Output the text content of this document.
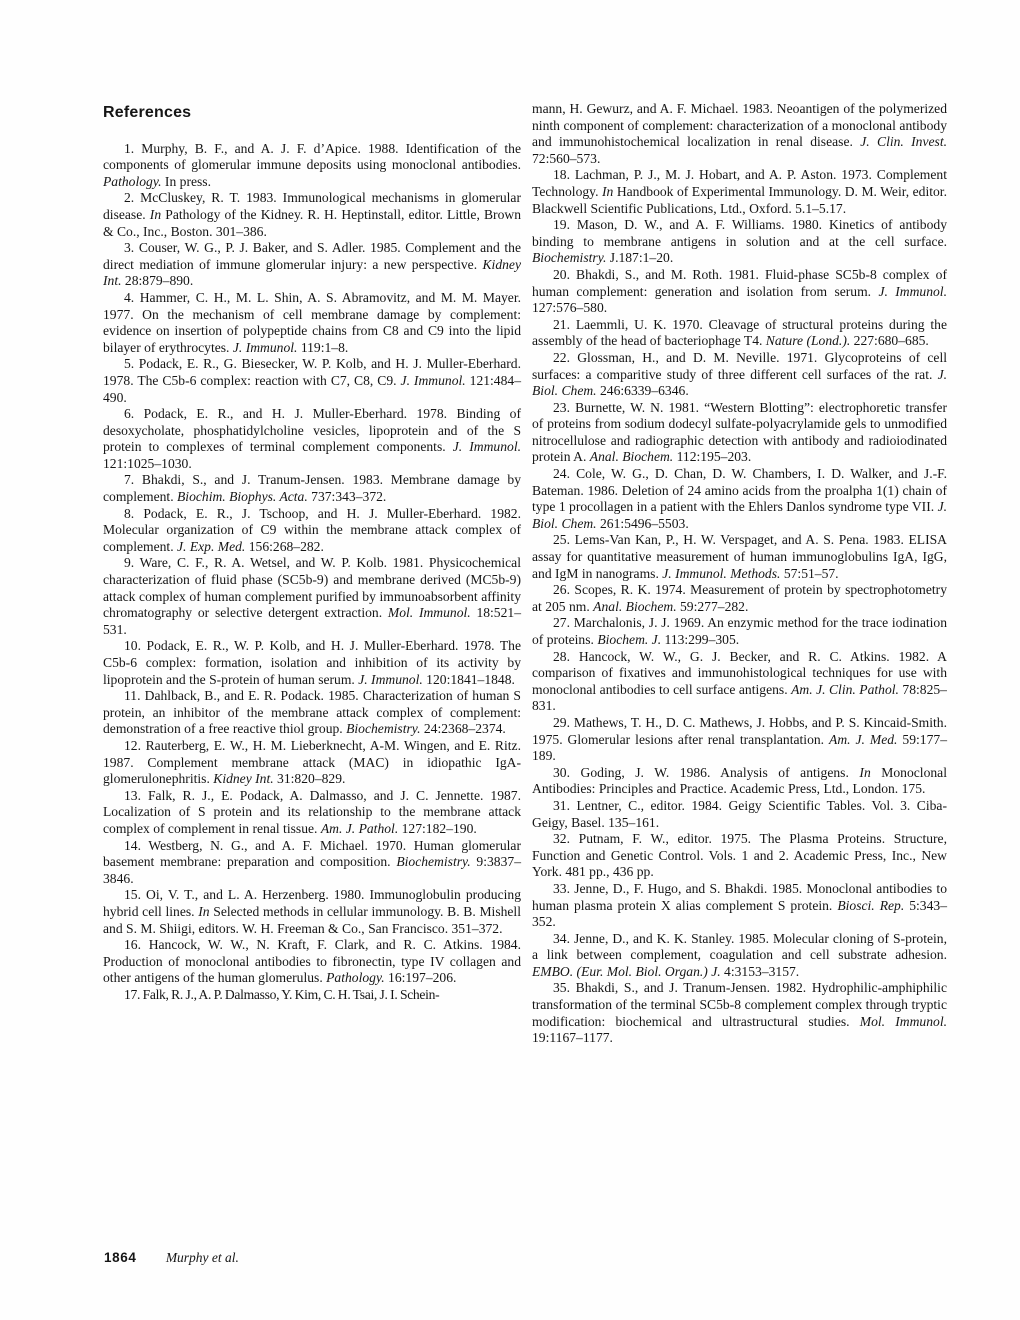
References

1. Murphy, B. F., and A. J. F. d’Apice. 1988. Identification of the components of glomerular immune deposits using monoclonal antibodies. Pathology. In press.

2. McCluskey, R. T. 1983. Immunological mechanisms in glomerular disease. In Pathology of the Kidney. R. H. Heptinstall, editor. Little, Brown & Co., Inc., Boston. 301–386.

3. Couser, W. G., P. J. Baker, and S. Adler. 1985. Complement and the direct mediation of immune glomerular injury: a new perspective. Kidney Int. 28:879–890.

4. Hammer, C. H., M. L. Shin, A. S. Abramovitz, and M. M. Mayer. 1977. On the mechanism of cell membrane damage by complement: evidence on insertion of polypeptide chains from C8 and C9 into the lipid bilayer of erythrocytes. J. Immunol. 119:1–8.

5. Podack, E. R., G. Biesecker, W. P. Kolb, and H. J. Muller-Eberhard. 1978. The C5b-6 complex: reaction with C7, C8, C9. J. Immunol. 121:484–490.

6. Podack, E. R., and H. J. Muller-Eberhard. 1978. Binding of desoxycholate, phosphatidylcholine vesicles, lipoprotein and of the S protein to complexes of terminal complement components. J. Immunol. 121:1025–1030.

7. Bhakdi, S., and J. Tranum-Jensen. 1983. Membrane damage by complement. Biochim. Biophys. Acta. 737:343–372.

8. Podack, E. R., J. Tschoop, and H. J. Muller-Eberhard. 1982. Molecular organization of C9 within the membrane attack complex of complement. J. Exp. Med. 156:268–282.

9. Ware, C. F., R. A. Wetsel, and W. P. Kolb. 1981. Physicochemical characterization of fluid phase (SC5b-9) and membrane derived (MC5b-9) attack complex of human complement purified by immunoabsorbent affinity chromatography or selective detergent extraction. Mol. Immunol. 18:521–531.

10. Podack, E. R., W. P. Kolb, and H. J. Muller-Eberhard. 1978. The C5b-6 complex: formation, isolation and inhibition of its activity by lipoprotein and the S-protein of human serum. J. Immunol. 120:1841–1848.

11. Dahlback, B., and E. R. Podack. 1985. Characterization of human S protein, an inhibitor of the membrane attack complex of complement: demonstration of a free reactive thiol group. Biochemistry. 24:2368–2374.

12. Rauterberg, E. W., H. M. Lieberknecht, A-M. Wingen, and E. Ritz. 1987. Complement membrane attack (MAC) in idiopathic IgA-glomerulonephritis. Kidney Int. 31:820–829.

13. Falk, R. J., E. Podack, A. Dalmasso, and J. C. Jennette. 1987. Localization of S protein and its relationship to the membrane attack complex of complement in renal tissue. Am. J. Pathol. 127:182–190.

14. Westberg, N. G., and A. F. Michael. 1970. Human glomerular basement membrane: preparation and composition. Biochemistry. 9:3837–3846.

15. Oi, V. T., and L. A. Herzenberg. 1980. Immunoglobulin producing hybrid cell lines. In Selected methods in cellular immunology. B. B. Mishell and S. M. Shiigi, editors. W. H. Freeman & Co., San Francisco. 351–372.

16. Hancock, W. W., N. Kraft, F. Clark, and R. C. Atkins. 1984. Production of monoclonal antibodies to fibronectin, type IV collagen and other antigens of the human glomerulus. Pathology. 16:197–206.

17. Falk, R. J., A. P. Dalmasso, Y. Kim, C. H. Tsai, J. I. Schein-

mann, H. Gewurz, and A. F. Michael. 1983. Neoantigen of the polymerized ninth component of complement: characterization of a monoclonal antibody and immunohistochemical localization in renal disease. J. Clin. Invest. 72:560–573.

18. Lachman, P. J., M. J. Hobart, and A. P. Aston. 1973. Complement Technology. In Handbook of Experimental Immunology. D. M. Weir, editor. Blackwell Scientific Publications, Ltd., Oxford. 5.1–5.17.

19. Mason, D. W., and A. F. Williams. 1980. Kinetics of antibody binding to membrane antigens in solution and at the cell surface. Biochemistry. J.187:1–20.

20. Bhakdi, S., and M. Roth. 1981. Fluid-phase SC5b-8 complex of human complement: generation and isolation from serum. J. Immunol. 127:576–580.

21. Laemmli, U. K. 1970. Cleavage of structural proteins during the assembly of the head of bacteriophage T4. Nature (Lond.). 227:680–685.

22. Glossman, H., and D. M. Neville. 1971. Glycoproteins of cell surfaces: a comparitive study of three different cell surfaces of the rat. J. Biol. Chem. 246:6339–6346.

23. Burnette, W. N. 1981. “Western Blotting”: electrophoretic transfer of proteins from sodium dodecyl sulfate-polyacrylamide gels to unmodified nitrocellulose and radiographic detection with antibody and radioiodinated protein A. Anal. Biochem. 112:195–203.

24. Cole, W. G., D. Chan, D. W. Chambers, I. D. Walker, and J.-F. Bateman. 1986. Deletion of 24 amino acids from the proalpha 1(1) chain of type 1 procollagen in a patient with the Ehlers Danlos syndrome type VII. J. Biol. Chem. 261:5496–5503.

25. Lems-Van Kan, P., H. W. Verspaget, and A. S. Pena. 1983. ELISA assay for quantitative measurement of human immunoglobulins IgA, IgG, and IgM in nanograms. J. Immunol. Methods. 57:51–57.

26. Scopes, R. K. 1974. Measurement of protein by spectrophotometry at 205 nm. Anal. Biochem. 59:277–282.

27. Marchalonis, J. J. 1969. An enzymic method for the trace iodination of proteins. Biochem. J. 113:299–305.

28. Hancock, W. W., G. J. Becker, and R. C. Atkins. 1982. A comparison of fixatives and immunohistological techniques for use with monoclonal antibodies to cell surface antigens. Am. J. Clin. Pathol. 78:825–831.

29. Mathews, T. H., D. C. Mathews, J. Hobbs, and P. S. Kincaid-Smith. 1975. Glomerular lesions after renal transplantation. Am. J. Med. 59:177–189.

30. Goding, J. W. 1986. Analysis of antigens. In Monoclonal Antibodies: Principles and Practice. Academic Press, Ltd., London. 175.

31. Lentner, C., editor. 1984. Geigy Scientific Tables. Vol. 3. Ciba-Geigy, Basel. 135–161.

32. Putnam, F. W., editor. 1975. The Plasma Proteins. Structure, Function and Genetic Control. Vols. 1 and 2. Academic Press, Inc., New York. 481 pp., 436 pp.

33. Jenne, D., F. Hugo, and S. Bhakdi. 1985. Monoclonal antibodies to human plasma protein X alias complement S protein. Biosci. Rep. 5:343–352.

34. Jenne, D., and K. K. Stanley. 1985. Molecular cloning of S-protein, a link between complement, coagulation and cell substrate adhesion. EMBO. (Eur. Mol. Biol. Organ.) J. 4:3153–3157.

35. Bhakdi, S., and J. Tranum-Jensen. 1982. Hydrophilic-amphiphilic transformation of the terminal SC5b-8 complement complex through tryptic modification: biochemical and ultrastructural studies. Mol. Immunol. 19:1167–1177.

1864 Murphy et al.
